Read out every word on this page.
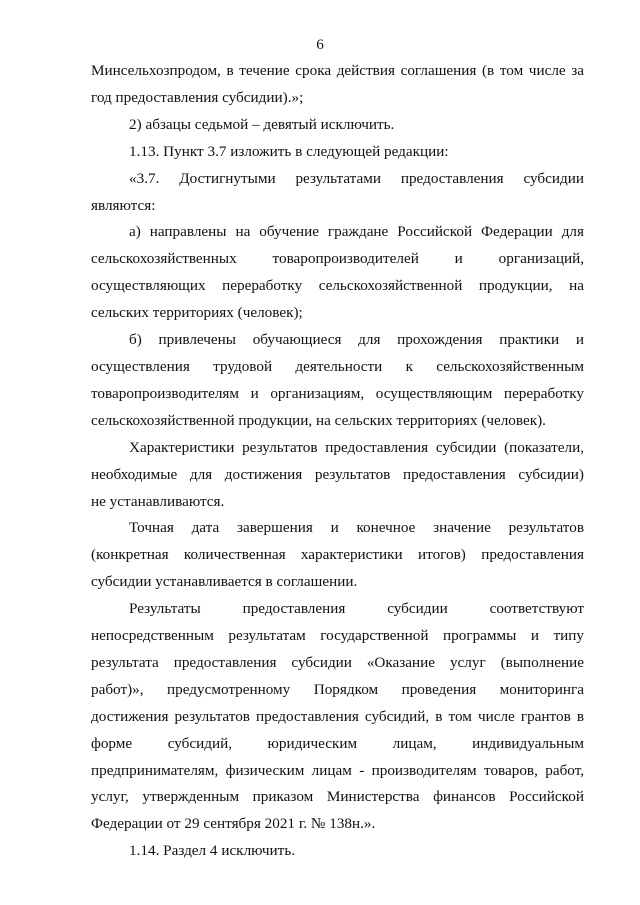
6

Минсельхозпродом, в течение срока действия соглашения (в том числе за
год предоставления субсидии).»;

2) абзацы седьмой – девятый исключить.

1.13. Пункт 3.7 изложить в следующей редакции:

«3.7. Достигнутыми результатами предоставления субсидии
являются:

а) направлены на обучение граждане Российской Федерации для
сельскохозяйственных товаропроизводителей и организаций,
осуществляющих переработку сельскохозяйственной продукции, на
сельских территориях (человек);

б) привлечены обучающиеся для прохождения практики и
осуществления трудовой деятельности к сельскохозяйственным
товаропроизводителям и организациям, осуществляющим переработку
сельскохозяйственной продукции, на сельских территориях (человек).

Характеристики результатов предоставления субсидии (показатели,
необходимые для достижения результатов предоставления субсидии)
не устанавливаются.

Точная дата завершения и конечное значение результатов
(конкретная количественная характеристики итогов) предоставления
субсидии устанавливается в соглашении.

Результаты предоставления субсидии соответствуют
непосредственным результатам государственной программы и типу
результата предоставления субсидии «Оказание услуг (выполнение
работ)», предусмотренному Порядком проведения мониторинга
достижения результатов предоставления субсидий, в том числе грантов в
форме субсидий, юридическим лицам, индивидуальным
предпринимателям, физическим лицам - производителям товаров, работ,
услуг, утвержденным приказом Министерства финансов Российской
Федерации от 29 сентября 2021 г. № 138н.».

1.14. Раздел 4 исключить.
